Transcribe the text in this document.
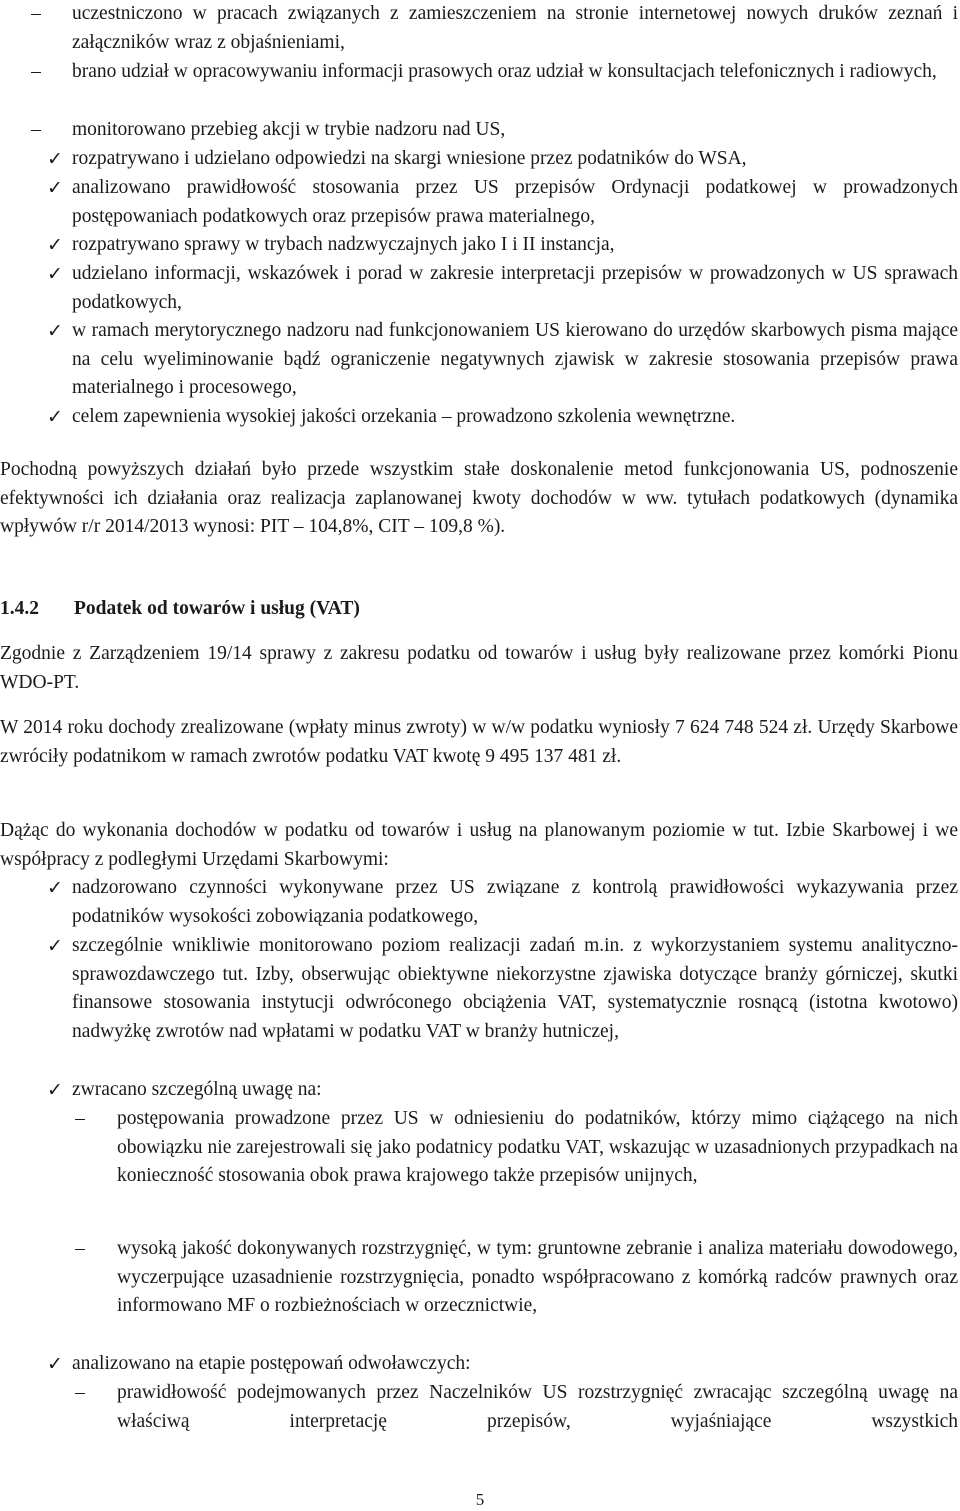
– uczestniczono w pracach związanych z zamieszczeniem na stronie internetowej nowych druków zeznań i załączników wraz z objaśnieniami,
– brano udział w opracowywaniu informacji prasowych oraz udział w konsultacjach telefonicznych i radiowych,
– monitorowano przebieg akcji w trybie nadzoru nad US,
✓ rozpatrywano i udzielano odpowiedzi na skargi wniesione przez podatników do WSA,
✓ analizowano prawidłowość stosowania przez US przepisów Ordynacji podatkowej w prowadzonych postępowaniach podatkowych oraz przepisów prawa materialnego,
✓ rozpatrywano sprawy w trybach nadzwyczajnych jako I i II instancja,
✓ udzielano informacji, wskazówek i porad w zakresie interpretacji przepisów w prowadzonych w US sprawach podatkowych,
✓ w ramach merytorycznego nadzoru nad funkcjonowaniem US kierowano do urzędów skarbowych pisma mające na celu wyeliminowanie bądź ograniczenie negatywnych zjawisk w zakresie stosowania przepisów prawa materialnego i procesowego,
✓ celem zapewnienia wysokiej jakości orzekania – prowadzono szkolenia wewnętrzne.

Pochodną powyższych działań było przede wszystkim stałe doskonalenie metod funkcjonowania US, podnoszenie efektywności ich działania oraz realizacja zaplanowanej kwoty dochodów w ww. tytułach podatkowych (dynamika wpływów r/r 2014/2013 wynosi: PIT – 104,8%, CIT – 109,8 %).

1.4.2 Podatek od towarów i usług (VAT)

Zgodnie z Zarządzeniem 19/14 sprawy z zakresu podatku od towarów i usług były realizowane przez komórki Pionu WDO-PT.

W 2014 roku dochody zrealizowane (wpłaty minus zwroty) w w/w podatku wyniosły 7 624 748 524 zł. Urzędy Skarbowe zwróciły podatnikom w ramach zwrotów podatku VAT kwotę 9 495 137 481 zł.

Dążąc do wykonania dochodów w podatku od towarów i usług na planowanym poziomie w tut. Izbie Skarbowej i we współpracy z podległymi Urzędami Skarbowymi:

✓ nadzorowano czynności wykonywane przez US związane z kontrolą prawidłowości wykazywania przez podatników wysokości zobowiązania podatkowego,
✓ szczególnie wnikliwie monitorowano poziom realizacji zadań m.in. z wykorzystaniem systemu analityczno-sprawozdawczego tut. Izby, obserwując obiektywne niekorzystne zjawiska dotyczące branży górniczej, skutki finansowe stosowania instytucji odwróconego obciążenia VAT, systematycznie rosnącą (istotna kwotowo) nadwyżkę zwrotów nad wpłatami w podatku VAT w branży hutniczej,
✓ zwracano szczególną uwagę na:
– postępowania prowadzone przez US w odniesieniu do podatników, którzy mimo ciążącego na nich obowiązku nie zarejestrowali się jako podatnicy podatku VAT, wskazując w uzasadnionych przypadkach na konieczność stosowania obok prawa krajowego także przepisów unijnych,
– wysoką jakość dokonywanych rozstrzygnięć, w tym: gruntowne zebranie i analiza materiału dowodowego, wyczerpujące uzasadnienie rozstrzygnięcia, ponadto współpracowano z komórką radców prawnych oraz informowano MF o rozbieżnościach w orzecznictwie,
✓ analizowano na etapie postępowań odwoławczych:
– prawidłowość podejmowanych przez Naczelników US rozstrzygnięć zwracając szczególną uwagę na właściwą interpretację przepisów, wyjaśniające wszystkich
5
